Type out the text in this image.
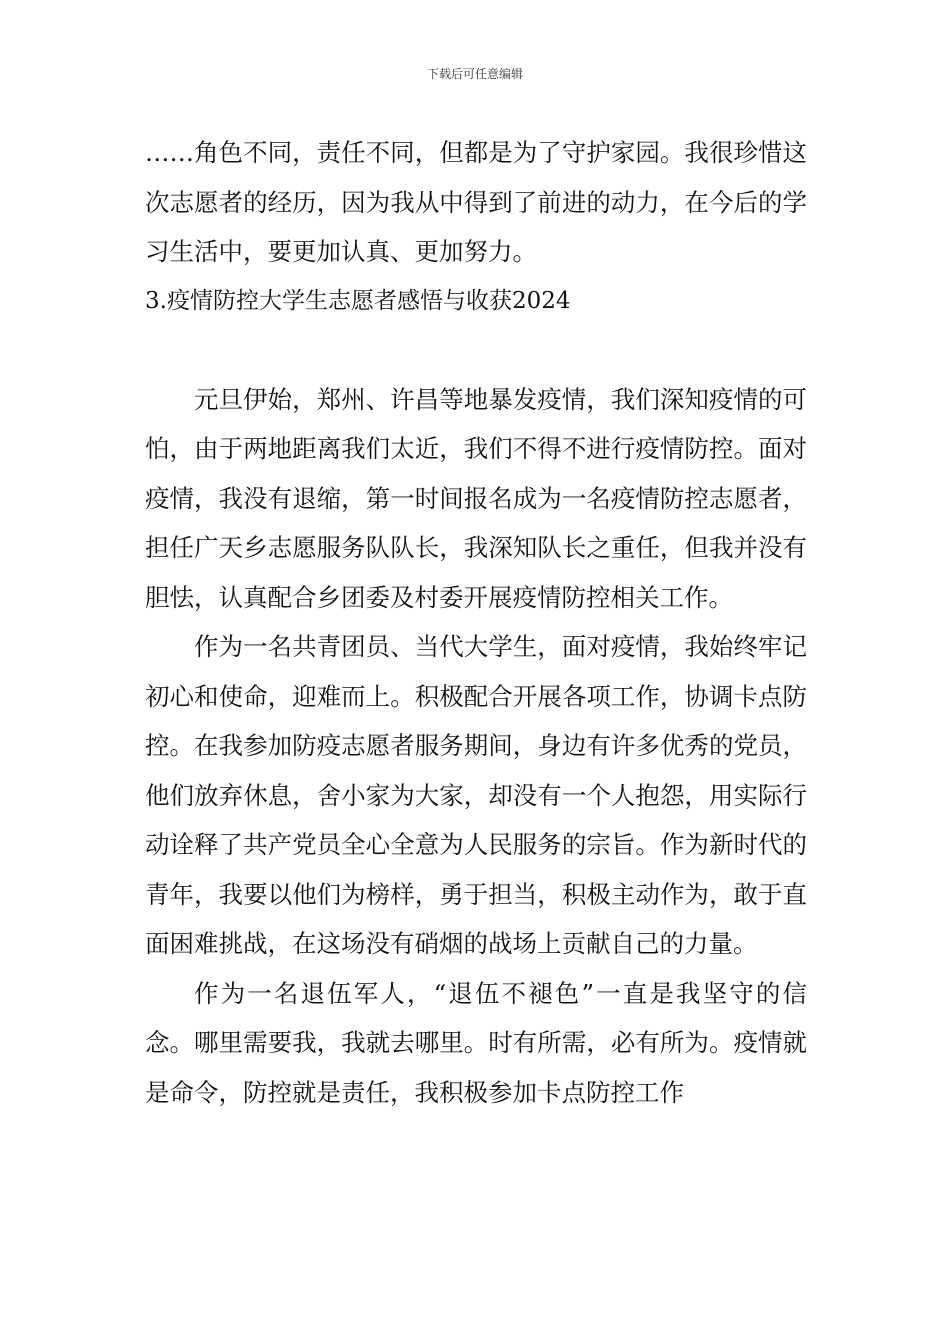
下载后可任意编辑

……角色不同，责任不同，但都是为了守护家园。我很珍惜这次志愿者的经历，因为我从中得到了前进的动力，在今后的学习生活中，要更加认真、更加努力。

3.疫情防控大学生志愿者感悟与收获2024

元旦伊始，郑州、许昌等地暴发疫情，我们深知疫情的可怕，由于两地距离我们太近，我们不得不进行疫情防控。面对疫情，我没有退缩，第一时间报名成为一名疫情防控志愿者，担任广天乡志愿服务队队长，我深知队长之重任，但我并没有胆怯，认真配合乡团委及村委开展疫情防控相关工作。

作为一名共青团员、当代大学生，面对疫情，我始终牢记初心和使命，迎难而上。积极配合开展各项工作，协调卡点防控。在我参加防疫志愿者服务期间，身边有许多优秀的党员，他们放弃休息，舍小家为大家，却没有一个人抱怨，用实际行动诠释了共产党员全心全意为人民服务的宗旨。作为新时代的青年，我要以他们为榜样，勇于担当，积极主动作为，敢于直面困难挑战，在这场没有硝烟的战场上贡献自己的力量。

作为一名退伍军人，“退伍不褪色”一直是我坚守的信念。哪里需要我，我就去哪里。时有所需，必有所为。疫情就是命令，防控就是责任，我积极参加卡点防控工作
